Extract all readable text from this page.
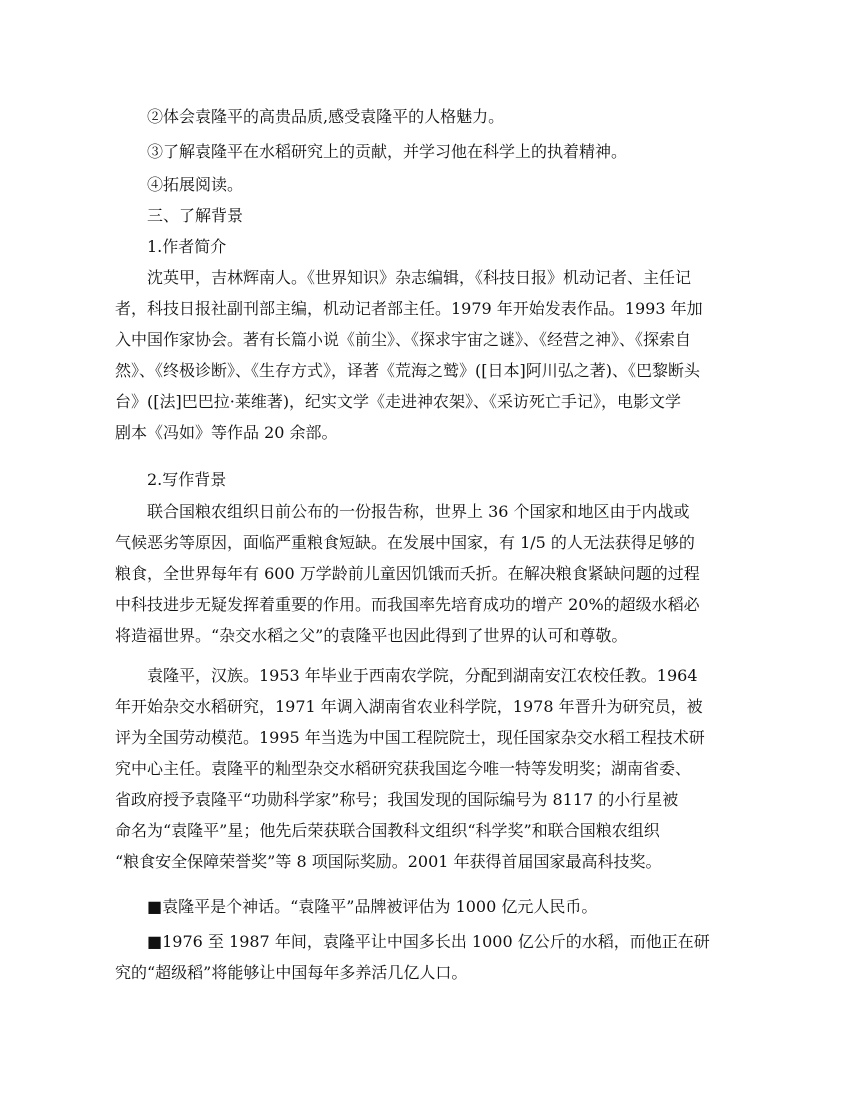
②体会袁隆平的高贵品质,感受袁隆平的人格魅力。

③了解袁隆平在水稻研究上的贡献，并学习他在科学上的执着精神。

④拓展阅读。

三、了解背景

1.作者简介

沈英甲，吉林辉南人。《世界知识》杂志编辑，《科技日报》机动记者、主任记

者，科技日报社副刊部主编，机动记者部主任。1979 年开始发表作品。1993 年加

入中国作家协会。著有长篇小说《前尘》、《探求宇宙之谜》、《经营之神》、《探索自

然》、《终极诊断》、《生存方式》，译著《荒海之鹫》([日本]阿川弘之著)、《巴黎断头

台》([法]巴巴拉·莱维著)，纪实文学《走进神农架》、《采访死亡手记》，电影文学

剧本《冯如》等作品 20 余部。

2.写作背景

联合国粮农组织日前公布的一份报告称，世界上 36 个国家和地区由于内战或

气候恶劣等原因，面临严重粮食短缺。在发展中国家，有 1/5 的人无法获得足够的

粮食，全世界每年有 600 万学龄前儿童因饥饿而夭折。在解决粮食紧缺问题的过程

中科技进步无疑发挥着重要的作用。而我国率先培育成功的增产 20%的超级水稻必

将造福世界。“杂交水稻之父”的袁隆平也因此得到了世界的认可和尊敬。

袁隆平，汉族。1953 年毕业于西南农学院，分配到湖南安江农校任教。1964

年开始杂交水稻研究，1971 年调入湖南省农业科学院，1978 年晋升为研究员，被

评为全国劳动模范。1995 年当选为中国工程院院士，现任国家杂交水稻工程技术研

究中心主任。袁隆平的籼型杂交水稻研究获我国迄今唯一特等发明奖；湖南省委、

省政府授予袁隆平“功勋科学家”称号；我国发现的国际编号为 8117 的小行星被

命名为“袁隆平”星；他先后荣获联合国教科文组织“科学奖”和联合国粮农组织

“粮食安全保障荣誉奖”等 8 项国际奖励。2001 年获得首届国家最高科技奖。

■袁隆平是个神话。“袁隆平”品牌被评估为 1000 亿元人民币。

■1976 至 1987 年间，袁隆平让中国多长出 1000 亿公斤的水稻，而他正在研

究的“超级稻”将能够让中国每年多养活几亿人口。
